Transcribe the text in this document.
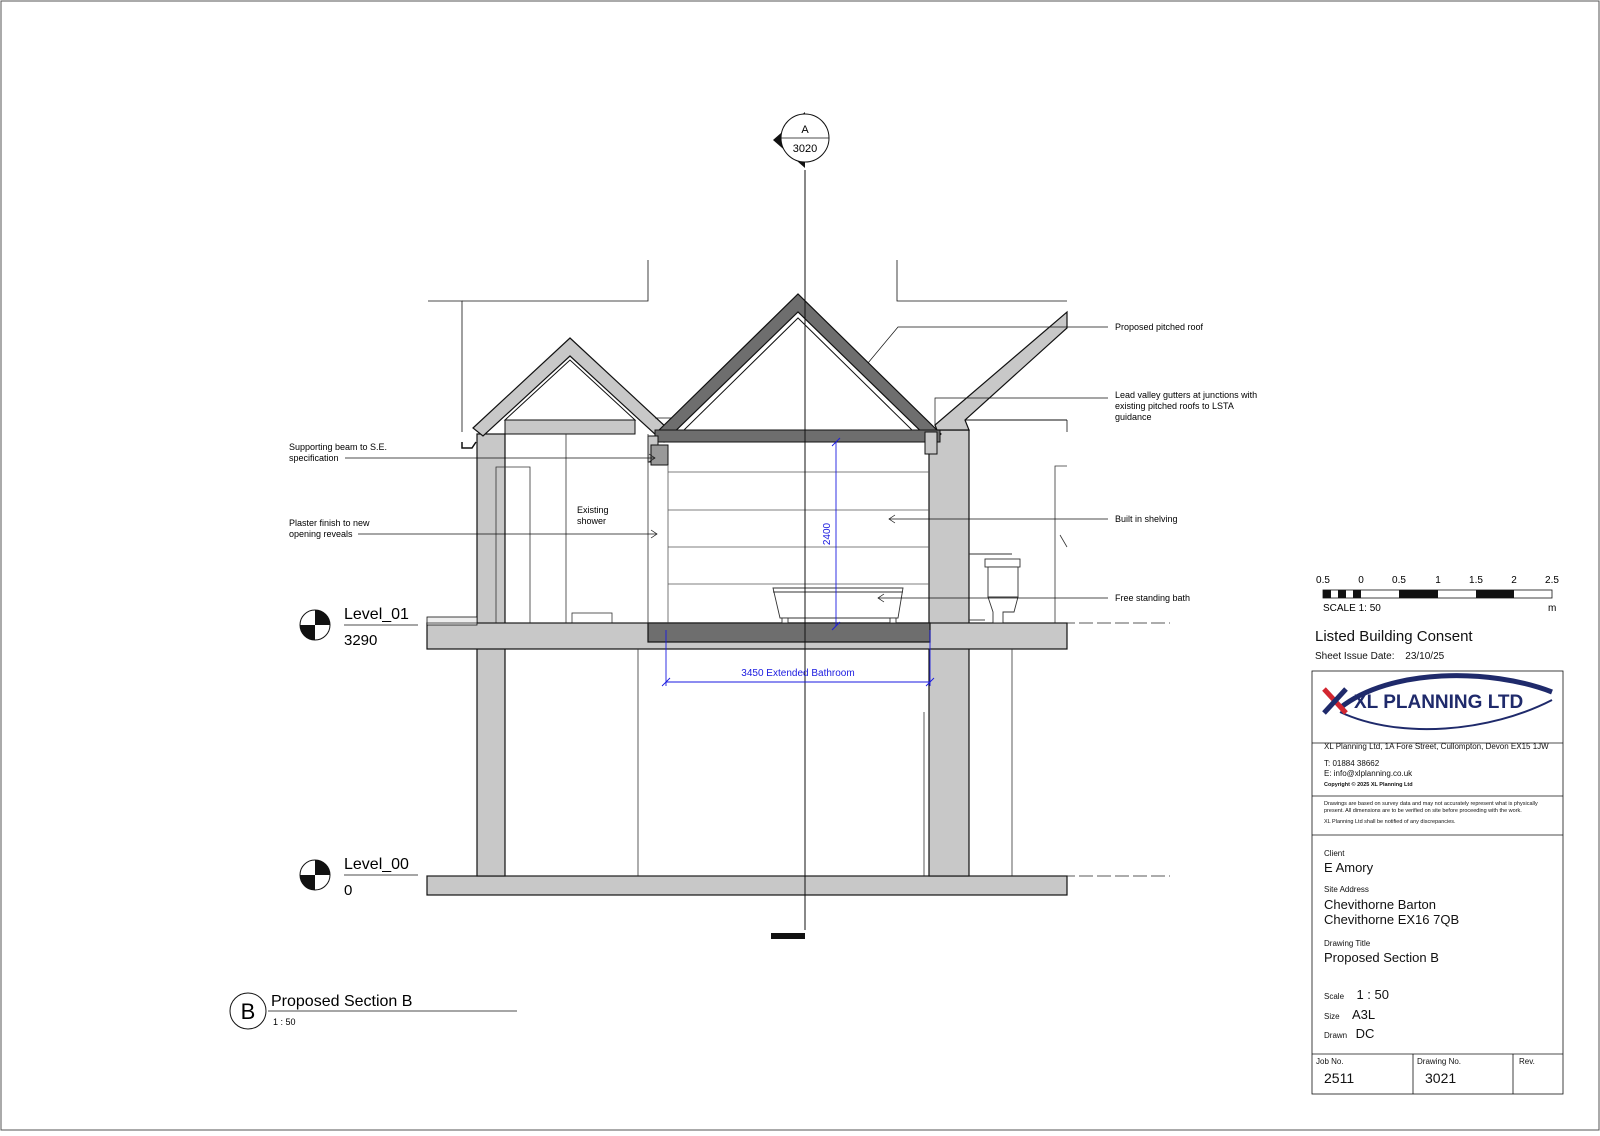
A
3020
2400
3450 Extended Bathroom
Level_01
3290
Level_00
0
Supporting beam to S.E.
specification
Plaster finish to new
opening reveals
Existing
shower
Proposed pitched roof
Lead valley gutters at junctions with
existing pitched roofs to LSTA
guidance
Built in shelving
Free standing bath
B Proposed Section B
1 : 50
0.5	0	0.5	1	1.5	2	2.5
SCALE 1: 50	m
XL PLANNING LTD
Listed Building Consent
Sheet Issue Date: 23/10/25
XL Planning Ltd, 1A Fore Street, Cullompton, Devon EX15 1JW
T: 01884 38662
E: info@xlplanning.co.uk
Copyright © 2025 XL Planning Ltd
Drawings are based on survey data and may not accurately represent what is physically present. All dimensions are to be verified on site before proceeding with the work.
XL Planning Ltd shall be notified of any discrepancies.
Client
E Amory
Site Address
Chevithorne Barton
Chevithorne EX16 7QB
Drawing Title
Proposed Section B
Scale 1 : 50
Size A3L
Drawn DC
Job No.
2511
Drawing No.
3021
Rev.
